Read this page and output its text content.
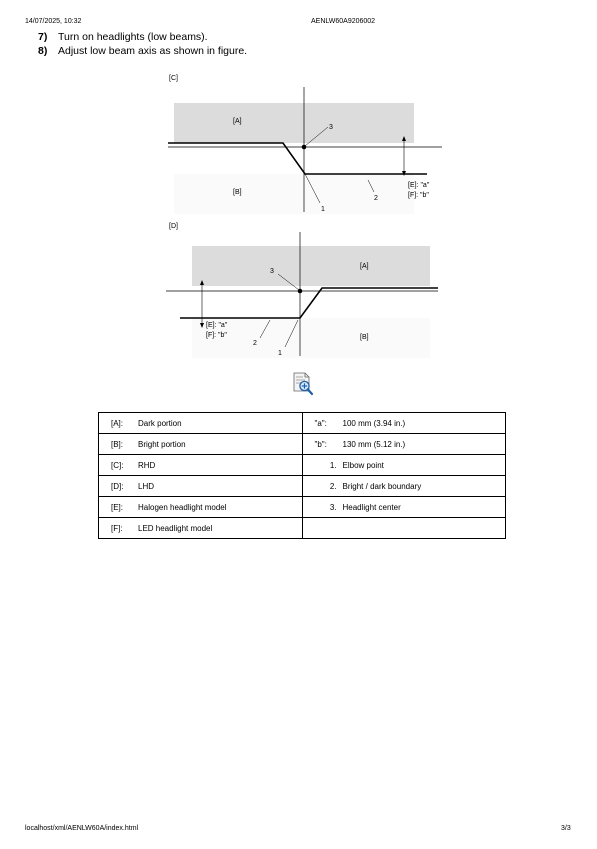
14/07/2025, 10:32	AENLW60A9206002
7) Turn on headlights (low beams).
8) Adjust low beam axis as shown in figure.
[C]
[A]
[B]
3
1
2
[E]: "a"
[F]: "b"
[D]
[A]
[B]
3
1
2
[E]: "a"
[F]: "b"
[A]: Dark portion	"a": 100 mm (3.94 in.)
[B]: Bright portion	"b": 130 mm (5.12 in.)
[C]: RHD	1. Elbow point
[D]: LHD	2. Bright / dark boundary
[E]: Halogen headlight model	3. Headlight center
[F]: LED headlight model	
localhost/xml/AENLW60A/index.html	3/3
